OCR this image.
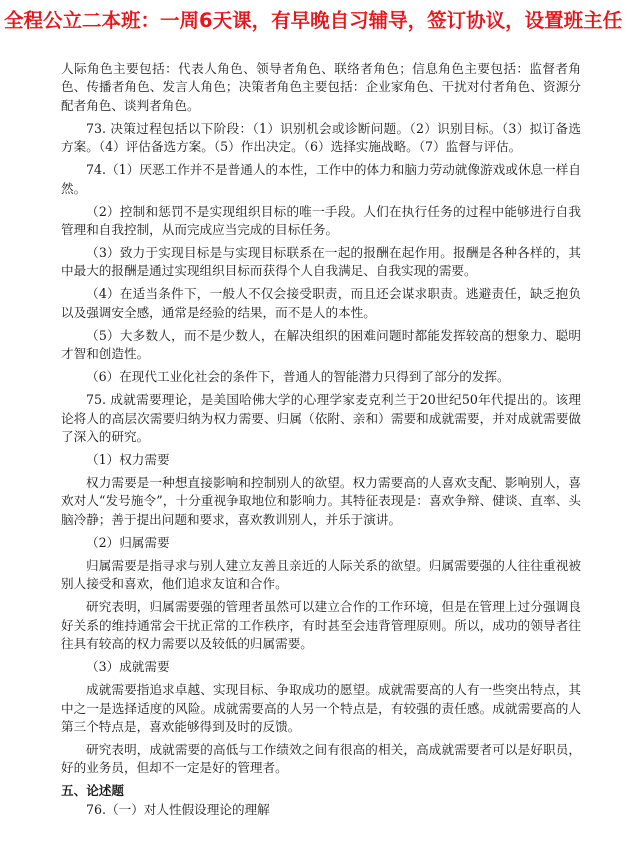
全程公立二本班：一周6天课，有早晚自习辅导，签订协议，设置班主任

人际角色主要包括：代表人角色、领导者角色、联络者角色；信息角色主要包括：监督者角色、传播者角色、发言人角色；决策者角色主要包括：企业家角色、干扰对付者角色、资源分配者角色、谈判者角色。

73. 决策过程包括以下阶段：（1）识别机会或诊断问题。（2）识别目标。（3）拟订备选方案。（4）评估备选方案。（5）作出决定。（6）选择实施战略。（7）监督与评估。

74.（1）厌恶工作并不是普通人的本性，工作中的体力和脑力劳动就像游戏或休息一样自然。

（2）控制和惩罚不是实现组织目标的唯一手段。人们在执行任务的过程中能够进行自我管理和自我控制，从而完成应当完成的目标任务。

（3）致力于实现目标是与实现目标联系在一起的报酬在起作用。报酬是各种各样的，其中最大的报酬是通过实现组织目标而获得个人自我满足、自我实现的需要。

（4）在适当条件下，一般人不仅会接受职责，而且还会谋求职责。逃避责任，缺乏抱负以及强调安全感，通常是经验的结果，而不是人的本性。

（5）大多数人，而不是少数人，在解决组织的困难问题时都能发挥较高的想象力、聪明才智和创造性。

（6）在现代工业化社会的条件下，普通人的智能潜力只得到了部分的发挥。

75. 成就需要理论，是美国哈佛大学的心理学家麦克利兰于20世纪50年代提出的。该理论将人的高层次需要归纳为权力需要、归属（依附、亲和）需要和成就需要，并对成就需要做了深入的研究。

（1）权力需要

权力需要是一种想直接影响和控制别人的欲望。权力需要高的人喜欢支配、影响别人，喜欢对人“发号施令”，十分重视争取地位和影响力。其特征表现是：喜欢争辩、健谈、直率、头脑冷静；善于提出问题和要求，喜欢教训别人，并乐于演讲。

（2）归属需要

归属需要是指寻求与别人建立友善且亲近的人际关系的欲望。归属需要强的人往往重视被别人接受和喜欢，他们追求友谊和合作。

研究表明，归属需要强的管理者虽然可以建立合作的工作环境，但是在管理上过分强调良好关系的维持通常会干扰正常的工作秩序，有时甚至会违背管理原则。所以，成功的领导者往往具有较高的权力需要以及较低的归属需要。

（3）成就需要

成就需要指追求卓越、实现目标、争取成功的愿望。成就需要高的人有一些突出特点，其中之一是选择适度的风险。成就需要高的人另一个特点是，有较强的责任感。成就需要高的人第三个特点是，喜欢能够得到及时的反馈。

研究表明，成就需要的高低与工作绩效之间有很高的相关，高成就需要者可以是好职员，好的业务员，但却不一定是好的管理者。

五、论述题

76.（一）对人性假设理论的理解
